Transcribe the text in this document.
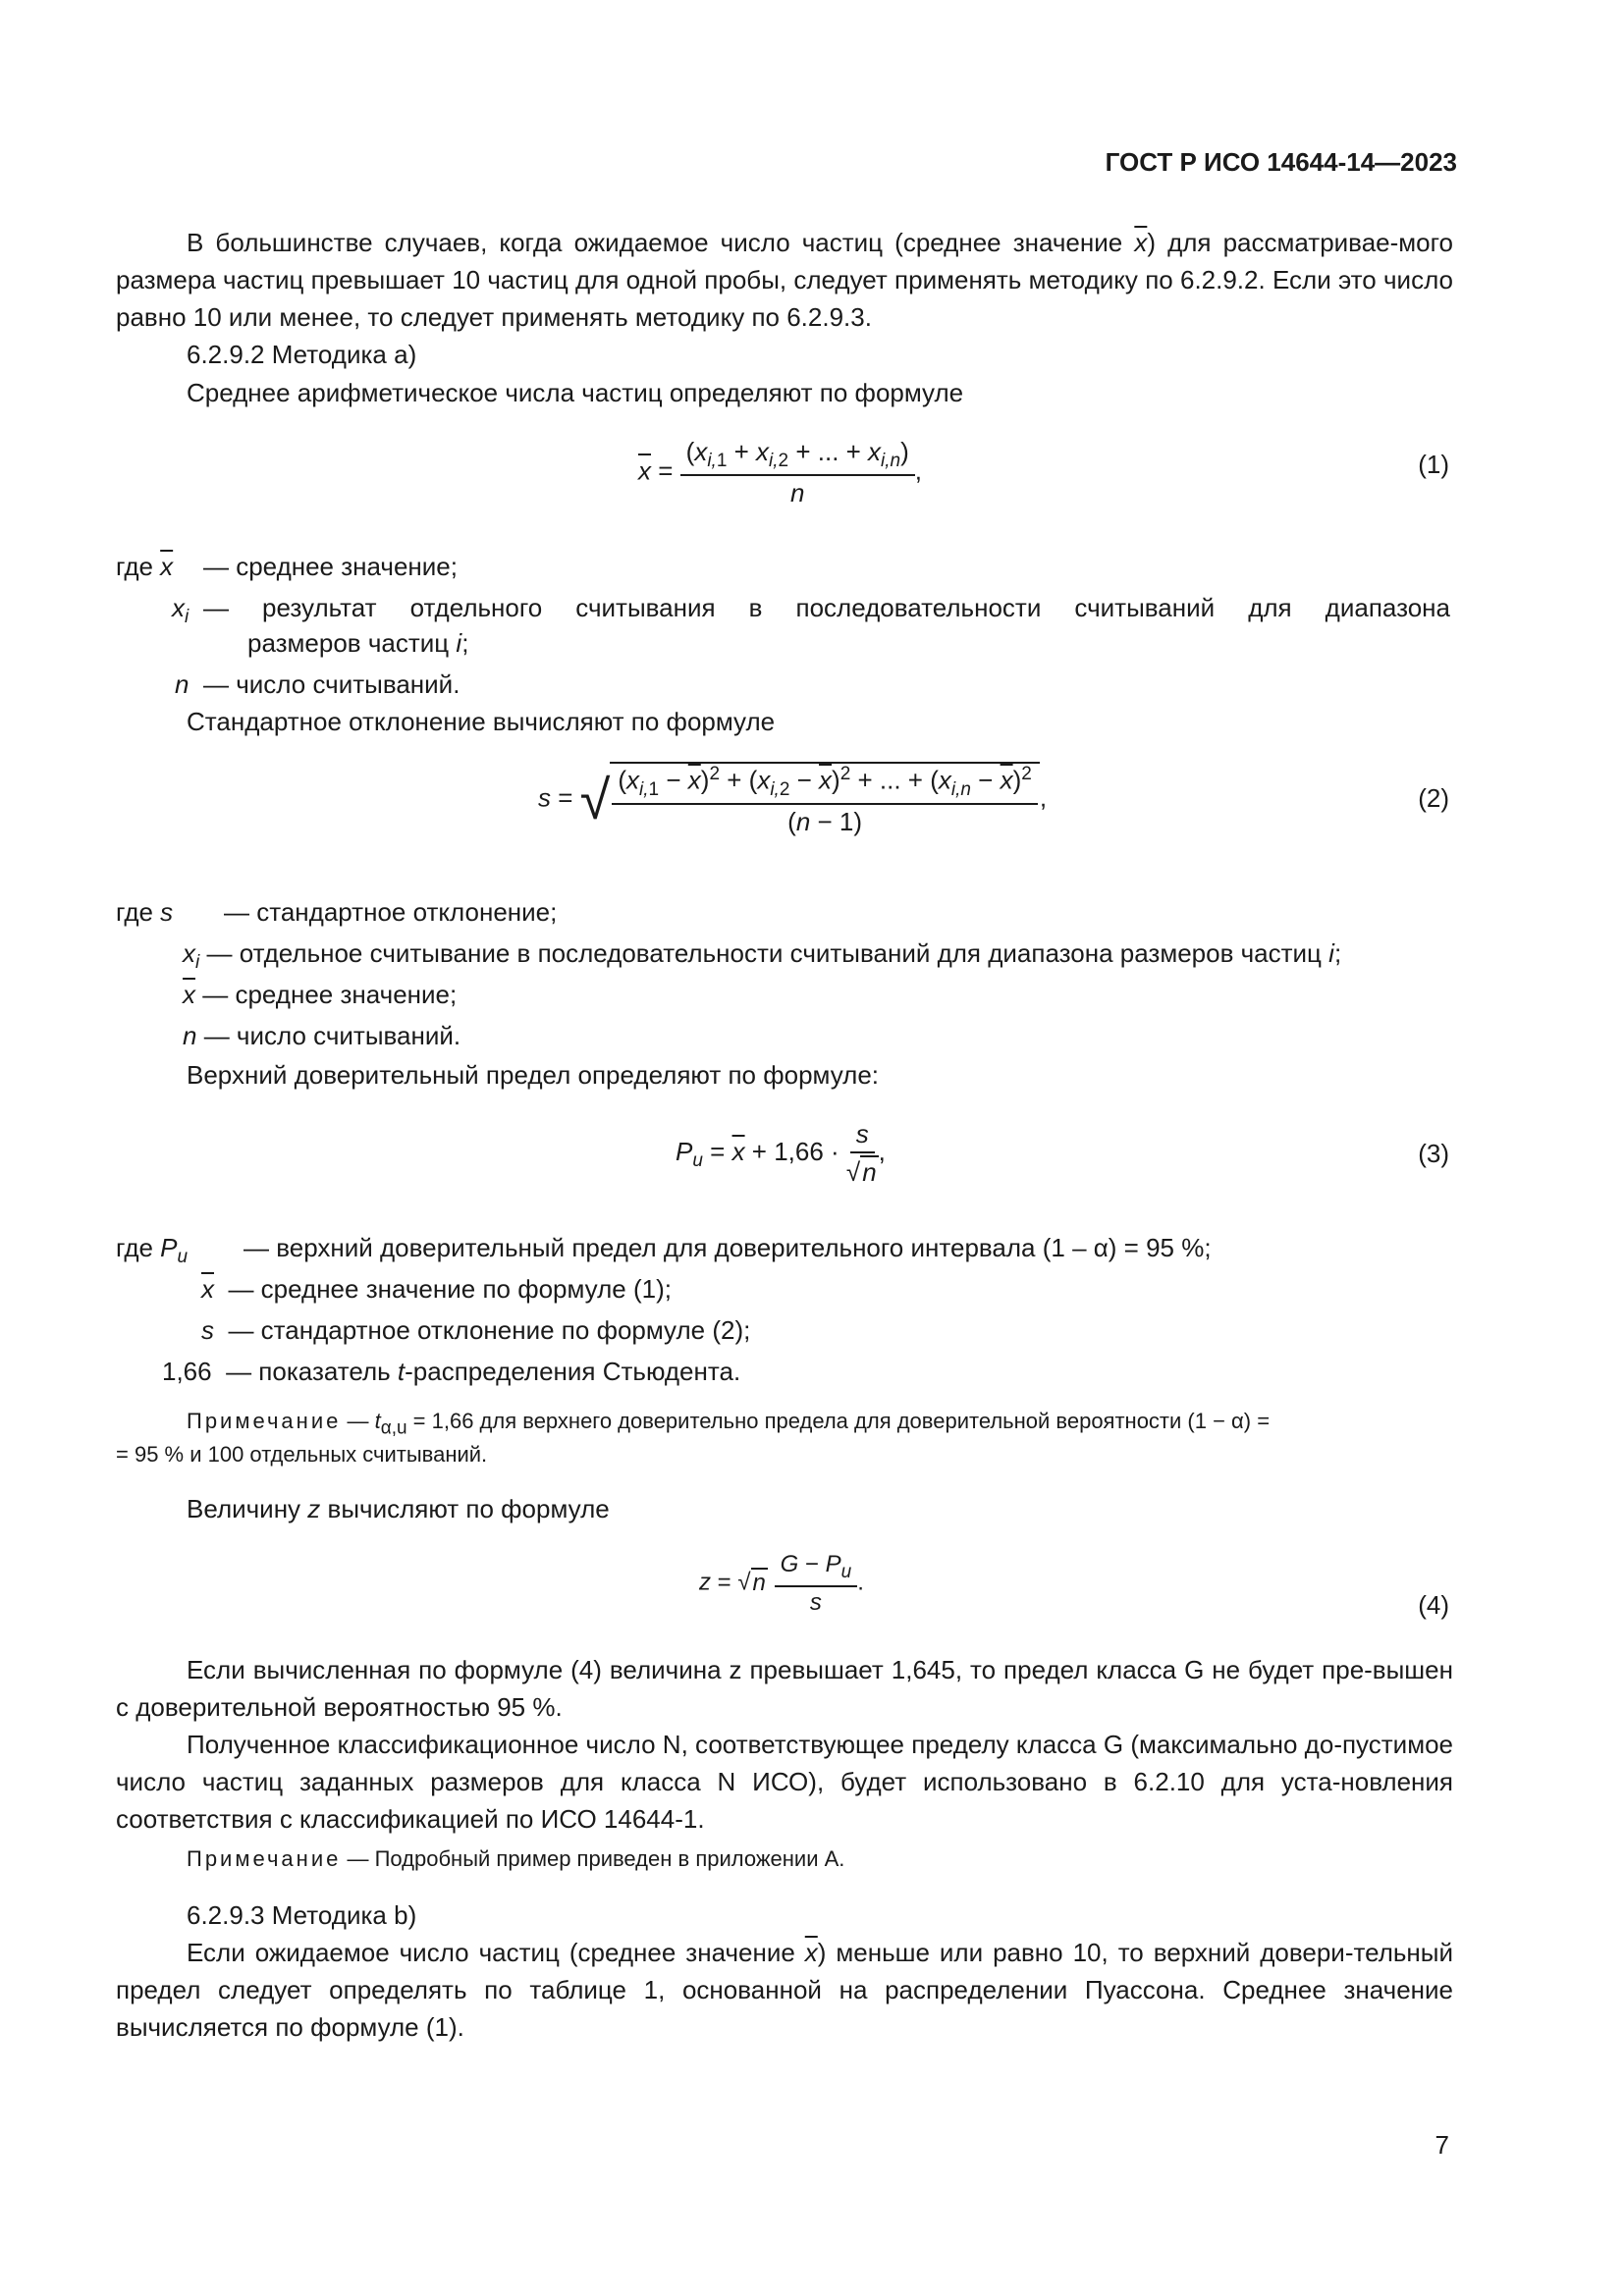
ГОСТ Р ИСО 14644-14—2023
В большинстве случаев, когда ожидаемое число частиц (среднее значение $\overline{x}$) для рассматривае-мого размера частиц превышает 10 частиц для одной пробы, следует применять методику по 6.2.9.2. Если это число равно 10 или менее, то следует применять методику по 6.2.9.3.
6.2.9.2 Методика а)
Среднее арифметическое числа частиц определяют по формуле
$\overline{x} = \frac{(x_{i,1} + x_{i,2} + ... + x_{i,n})}{n}$ ,	(1)
где $\overline{x}$ — среднее значение;
$x_i$ — результат отдельного считывания в последовательности считываний для диапазона
размеров частиц i;
n — число считываний.
Стандартное отклонение вычисляют по формуле
s = √ $\frac{(x_{i,1} - \overline{x})^2 + (x_{i,2} - \overline{x})^2 + ... + (x_{i,n} - \overline{x})^2}{(n - 1)}$ ,	(2)
где s — стандартное отклонение;
$x_i$ — отдельное считывание в последовательности считываний для диапазона размеров частиц i;
$\overline{x}$ — среднее значение;
n — число считываний.
Верхний доверительный предел определяют по формуле:
$P_u = \overline{x} + 1,66 \cdot \frac{s}{√n}$ ,	(3)
где $P_u$ — верхний доверительный предел для доверительного интервала (1 – α) = 95 %;
$\overline{x}$ — среднее значение по формуле (1);
s — стандартное отклонение по формуле (2);
1,66 — показатель t-распределения Стьюдента.
Примечание — $t_{\alpha,u} = 1,66$ для верхнего доверительно предела для доверительной вероятности (1 − α) =
= 95 % и 100 отдельных считываний.
Величину z вычисляют по формуле
$z = √n \frac{G - P_u}{s}$ .
(4)
Если вычисленная по формуле (4) величина z превышает 1,645, то предел класса G не будет пре-вышен с доверительной вероятностью 95 %.
Полученное классификационное число N, соответствующее пределу класса G (максимально до-пустимое число частиц заданных размеров для класса N ИСО), будет использовано в 6.2.10 для уста-новления соответствия с классификацией по ИСО 14644-1.
Примечание — Подробный пример приведен в приложении А.
6.2.9.3 Методика b)
Если ожидаемое число частиц (среднее значение $\overline{x}$) меньше или равно 10, то верхний довери-тельный предел следует определять по таблице 1, основанной на распределении Пуассона. Среднее значение вычисляется по формуле (1).
7
